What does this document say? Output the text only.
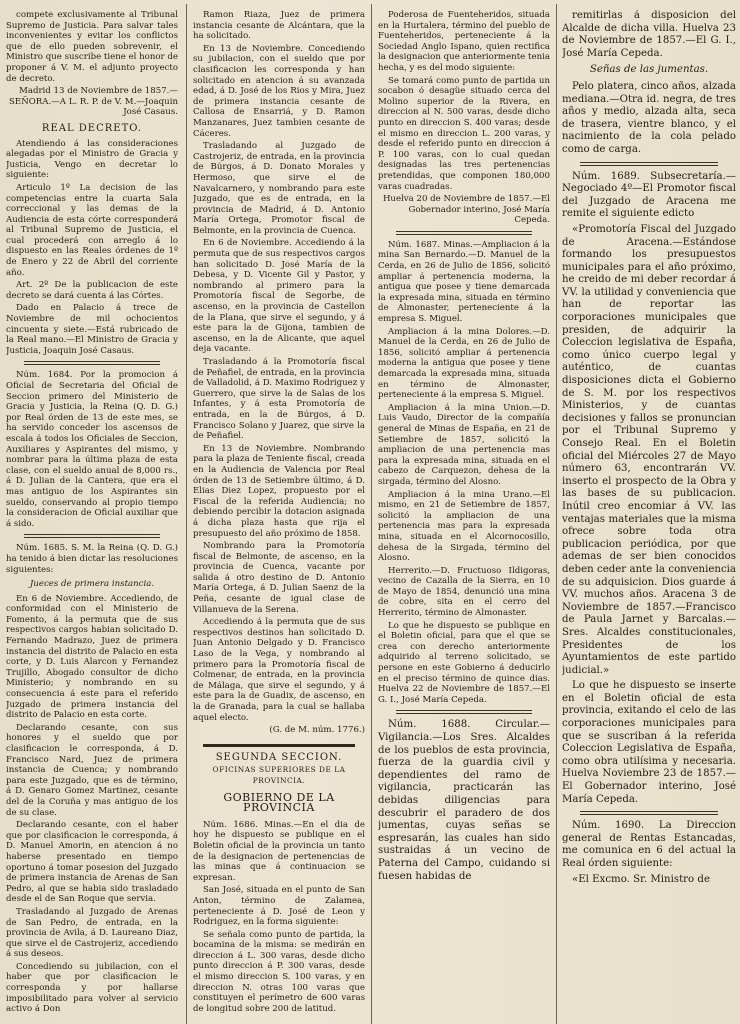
compete exclusivamente al Tribunal Supremo de Justicia. Para salvar tales inconvenientes y evitar los conflictos que de ello pueden sobrevenir, el Ministro que suscribe tiene el honor de proponer á V. M. el adjunto proyecto de decreto.

Madrid 13 de Noviembre de 1857.—SEÑORA.—A L. R. P. de V. M.—Joaquin José Casaus.

REAL DECRETO.

Atendiendo á las consideraciones alegadas por el Ministro de Gracia y Justicia, Vengo en decretar lo siguiente:

Articulo 1º La decision de las competencias entre la cuarta Sala correccional y las demas de la Audiencia de esta córte corresponderá al Tribunal Supremo de Justicia, el cual procederá con arreglo á lo dispuesto en las Reales órdenes de 1º de Enero y 22 de Abril del corriente año.

Art. 2º De la publicacion de este decreto se dará cuenta á las Córtes.

Dado en Palacio á trece de Noviembre de mil ochocientos cincuenta y siete.—Está rubricado de la Real mano.—El Ministro de Gracia y Justicia, Joaquin José Casaus.

Núm. 1684. Por la promocion á Oficial de Secretaria del Oficial de Seccion primero del Ministerio de Gracia y Justicia, la Reina (Q. D. G.) por Real órden de 13 de este mes, se ha servido conceder los ascensos de escala á todos los Oficiales de Seccion, Auxiliares y Aspirantes del mismo, y nombrar para la última plaza de esta clase, con el sueldo anual de 8,000 rs., á D. Julian de la Cantera, que era el mas antiguo de los Aspirantes sin sueldo, conservando al propio tiempo la consideracion de Oficial auxiliar que á sido.

Núm. 1685. S. M. la Reina (Q. D. G.) ha tenido á bien dictar las resoluciones siguientes:

Jueces de primera instancia.

En 6 de Noviembre. Accediendo, de conformidad con el Ministerio de Fomento, á la permuta que de sus respectivos cargos habian solicitado D. Fernando Madrazo, Juez de primera instancia del distrito de Palacio en esta corte, y D. Luis Alarcon y Fernandez Trujillo, Abogado consultor de dicho Ministerio; y nombrando en su consecuencia á este para el referido Juzgado de primera instancia del distrito de Palacio en esta corte.

Declarando cesante, con sus honores y el sueldo que por clasificacion le corresponda, á D. Francisco Nard, Juez de primera instancia de Cuenca; y nombrando para este Juzgado, que es de término, á D. Genaro Gomez Martinez, cesante del de la Coruña y mas antiguo de los de su clase.

Declarando cesante, con el haber que por clasificacion le corresponda, á D. Manuel Amorin, en atencion á no haberse presentado en tiempo oportuno á tomar posesion del Juzgado de primera instancia de Arenas de San Pedro, al que se habia sido trasladado desde el de San Roque que servia.

Trasladando al Juzgado de Arenas de San Pedro, de entrada, en la provincia de Avila, á D. Laureano Diaz, que sirve el de Castrojeriz, accediendo á sus deseos.

Concediendo su jubilacion, con el haber que por clasificacion le corresponda y por hallarse imposibilitado para volver al servicio activo á Don

Ramon Riaza, Juez de primera instancia cesante de Alcántara, que la ha solicitado.

En 13 de Noviembre. Concediendo su jubilacion, con el sueldo que por clasificacion les corresponda y han solicitado en atencion á su avanzada edad, á D. José de los Rios y Mira, Juez de primera instancia cesante de Callosa de Ensarriá, y D. Ramon Manzanares, Juez tambien cesante de Cáceres.

Trasladando al Juzgado de Castrojeriz, de entrada, en la provincia de Búrgos, á D. Donato Morales y Hermoso, que sirve el de Navalcarnero, y nombrando para este Juzgado, que es de entrada, en la provincia de Madrid, á D. Antonio María Ortega, Promotor fiscal de Belmonte, en la provincia de Cuenca.

En 6 de Noviembre. Accediendo á la permuta que de sus respectivos cargos han solicitado D. José María de la Debesa, y D. Vicente Gil y Pastor, y nombrando al primero para la Promotoría fiscal de Segorbe, de ascenso, en la provincia de Castellon de la Plana, que sirve el segundo, y á este para la de Gijona, tambien de ascenso, en la de Alicante, que aquel deja vacante.

Trasladando á la Promotoría fiscal de Peñafiel, de entrada, en la provincia de Valladolid, á D. Maximo Rodriguez y Guerrero, que sirve la de Salas de los Infantes, y á esta Promotoría de entrada, en la de Búrgos, á D. Francisco Solano y Juarez, que sirve la de Peñafiel.

En 13 de Noviembre. Nombrando para la plaza de Teniente fiscal, creada en la Audiencia de Valencia por Real órden de 13 de Setiembre último, á D. Elias Diez Lopez, propuesto por el Fiscal de la referida Audiencia; no debiendo percibir la dotacion asignada á dicha plaza hasta que rija el presupuesto del año próximo de 1858.

Nombrando para la Promotoría fiscal de Belmonte, de ascenso, en la provincia de Cuenca, vacante por salida á otro destino de D. Antonio María Ortega, á D. Julian Saenz de la Peña, cesante de igual clase de Villanueva de la Serena.

Accediendo á la permuta que de sus respectivos destinos han solicitado D. Juan Antonio Delgado y D. Francisco Laso de la Vega, y nombrando al primero para la Promotoría fiscal de Colmenar, de entrada, en la provincia de Málaga, que sirve el segundo, y á este para la de Guadix, de ascenso, en la de Granada, para la cual se hallaba aquel electo.

(G. de M. núm. 1776.)

SEGUNDA SECCION.
OFICINAS SUPERIORES DE LA PROVINCIA.
GOBIERNO DE LA PROVINCIA

Núm. 1686. Minas.—En el dia de hoy he dispuesto se publique en el Boletin oficial de la provincia un tanto de la designacion de pertenencias de las minas que á continuacion se expresan.

San José, situada en el punto de San Anton, término de Zalamea, perteneciente á D. José de Leon y Rodriguez, en la forma siguiente:

Se señala como punto de partida, la bocamina de la misma: se medirán en direccion á L. 300 varas, desde dicho punto direccion á P. 300 varas, desde el mismo direccion S. 100 varas, y en direccion N. otras 100 varas que constituyen el perímetro de 600 varas de longitud sobre 200 de latitud.

Poderosa de Fuenteheridos, situada en la Hurtalera, término del pueblo de Fuenteheridos, perteneciente á la Sociedad Anglo Ispano, quien rectifica la designacion que anteriormente tenia hecha, y es del modo siguiente:

Se tomará como punto de partida un socabon ó desagüe situado cerca del Molino superior de la Rivera, en direccion al N. 500 varas, desde dicho punto en direccion S. 400 varas; desde el mismo en direccion L. 200 varas, y desde el referido punto en direccion á P. 100 varas, con lo cual quedan designadas las tres pertenencias pretendidas, que componen 180,000 varas cuadradas.

Huelva 20 de Noviembre de 1857.—El Gobernador interino, José María Cepeda.

Núm. 1687. Minas.—Ampliacion á la mina San Bernardo.—D. Manuel de la Cerda, en 26 de Julio de 1856, solicitó ampliar á pertenencia moderna, la antigua que posee y tiene demarcada la expresada mina, situada en término de Almonaster, perteneciente á la empresa S. Miguel.

Ampliacion á la mina Dolores.—D. Manuel de la Cerda, en 26 de Julio de 1856, solicitó ampliar á pertenencia moderna la antigua que posee y tiene demarcada la expresada mina, situada en término de Almonaster, perteneciente á la empresa S. Miguel.

Ampliacion á la mina Union.—D. Luis Vaudo, Director de la compañía general de Minas de España, en 21 de Setiembre de 1857, solicitó la ampliacion de una pertenencia mas para la expresada mina, situada en el cabezo de Carquezon, dehesa de la sirgada, término del Alosno.

Ampliacion á la mina Urano.—El mismo, en 21 de Setiembre de 1857, solicitó la ampliacion de una pertenencia mas para la expresada mina, situada en el Alcornocosillo, dehesa de la Sirgada, término del Alosno.

Herrerito.—D. Fructuoso Ildigoras, vecino de Cazalla de la Sierra, en 10 de Mayo de 1854, denunció una mina de cobre, sita en el cerro del Herrerito, término de Almonaster.

Lo que he dispuesto se publique en el Boletin oficial, para que el que se crea con derecho anteriormente adquirido al terreno solicitado, se persone en este Gobierno á deducirlo en el preciso término de quince dias. Huelva 22 de Noviembre de 1857.—El G. I., José María Cepeda.

Núm. 1688. Circular.—Vigilancia.—Los Sres. Alcaldes de los pueblos de esta provincia, fuerza de la guardia civil y dependientes del ramo de vigilancia, practicarán las debidas diligencias para descubrir el paradero de dos jumentas, cuyas señas se espresarán, las cuales han sido sustraidas á un vecino de Paterna del Campo, cuidando si fuesen habidas de

remitirlas á disposicion del Alcalde de dicha villa. Huelva 23 de Noviembre de 1857.—El G. I., José María Cepeda.

Señas de las jumentas.

Pelo platera, cinco años, alzada mediana.—Otra id. negra, de tres años y medio, alzada alta, seca de trasera, vientre blanco, y el nacimiento de la cola pelado como de carga.

Núm. 1689. Subsecretaría.—Negociado 4º—El Promotor fiscal del Juzgado de Aracena me remite el siguiente edicto

«Promotoría Fiscal del Juzgado de Aracena.—Estándose formando los presupuestos municipales para el año próximo, he creido de mi deber recordar á VV. la utilidad y conveniencia que han de reportar las corporaciones municipales que presiden, de adquirir la Coleccion legislativa de España, como único cuerpo legal y auténtico, de cuantas disposiciones dicta el Gobierno de S. M. por los respectivos Ministerios, y de cuantas decisiones y fallos se pronuncian por el Tribunal Supremo y Consejo Real. En el Boletin oficial del Miércoles 27 de Mayo número 63, encontrarán VV. inserto el prospecto de la Obra y las bases de su publicacion. Inútil creo encomiar á VV. las ventajas materiales que la misma ofrece sobre toda otra publicacion periódica, por que ademas de ser bien conocidos deben ceder ante la conveniencia de su adquisicion. Dios guarde á VV. muchos años. Aracena 3 de Noviembre de 1857.—Francisco de Paula Jarnet y Barcalas.—Sres. Alcaldes constitucionales, Presidentes de los Ayuntamientos de este partido judicial.»

Lo que he dispuesto se inserte en el Boletin oficial de esta provincia, exitando el celo de las corporaciones municipales para que se suscriban á la referida Coleccion Legislativa de España, como obra utilísima y necesaria. Huelva Noviembre 23 de 1857.—El Gobernador interino, José María Cepeda.

Núm. 1690. La Direccion general de Rentas Estancadas, me comunica en 6 del actual la Real órden siguiente:

«El Excmo. Sr. Ministro de
